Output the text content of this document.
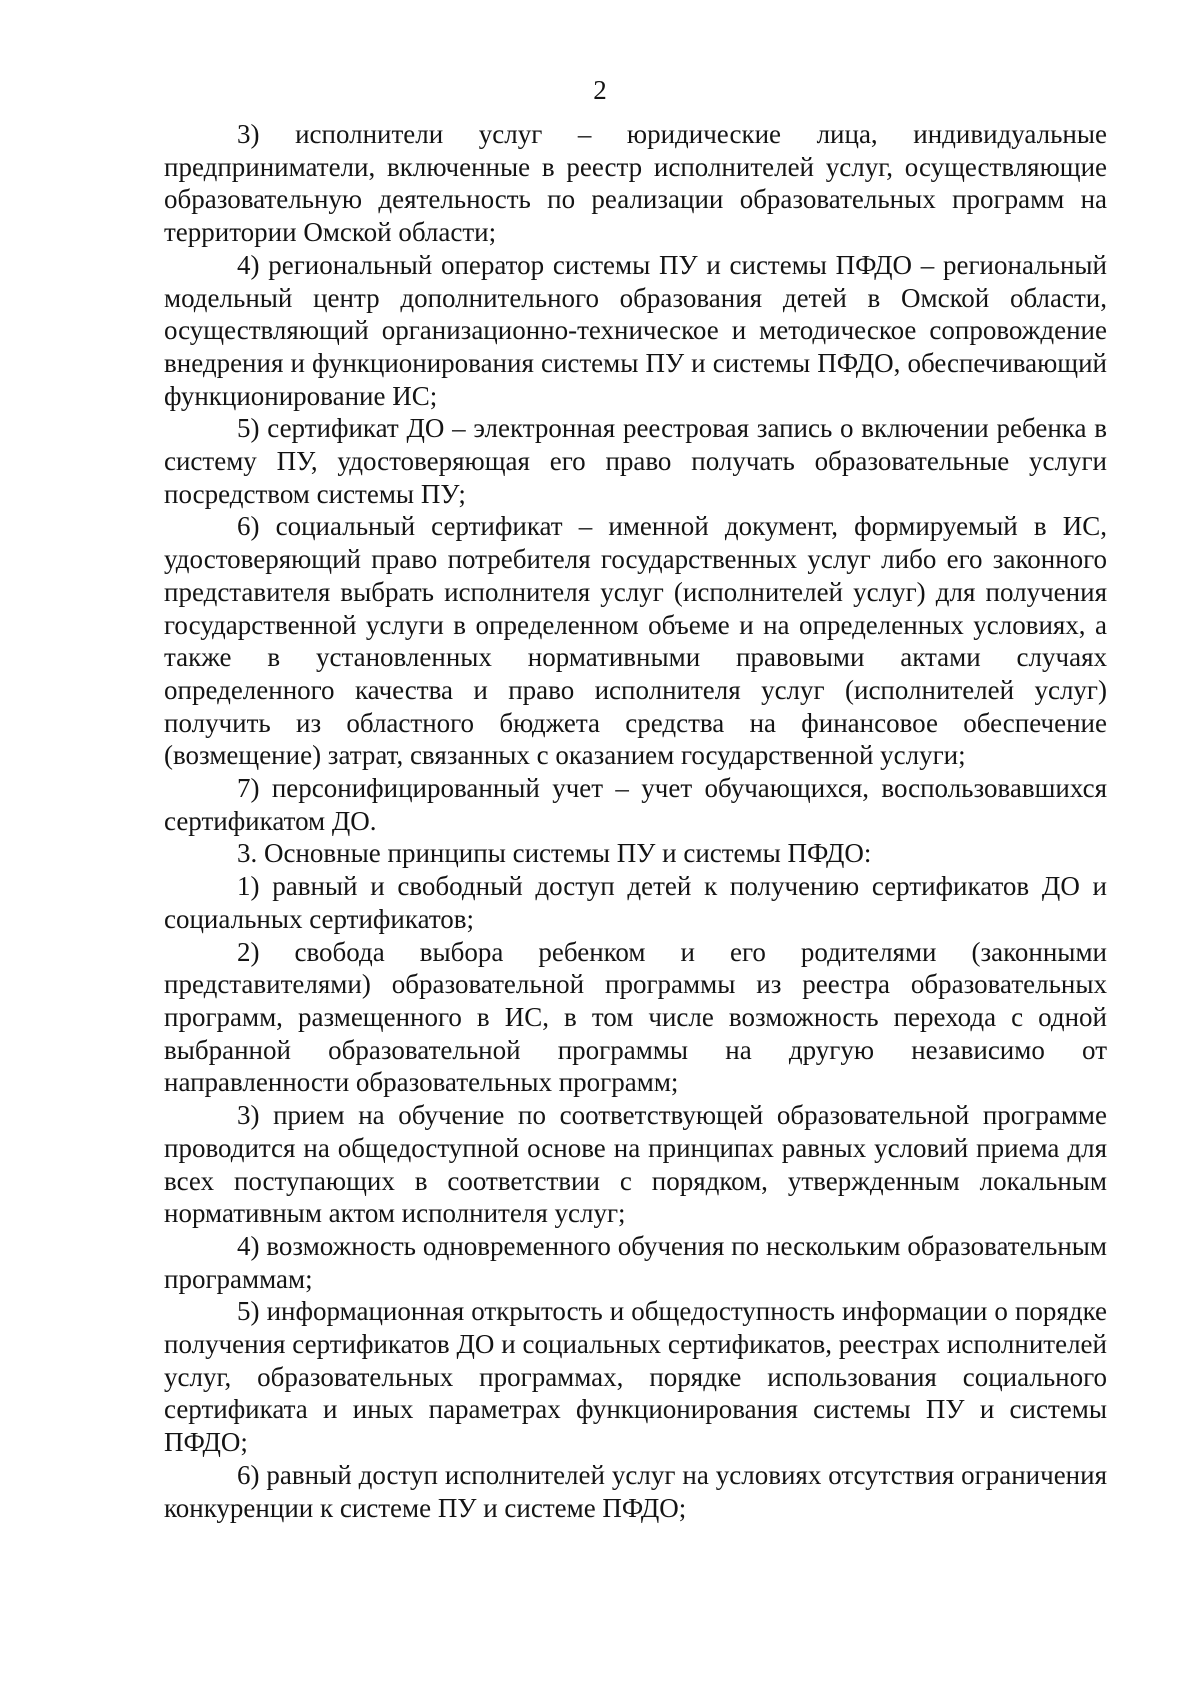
2

3) исполнители услуг – юридические лица, индивидуальные предприниматели, включенные в реестр исполнителей услуг, осуществляющие образовательную деятельность по реализации образовательных программ на территории Омской области;

4) региональный оператор системы ПУ и системы ПФДО – региональный модельный центр дополнительного образования детей в Омской области, осуществляющий организационно-техническое и методическое сопровождение внедрения и функционирования системы ПУ и системы ПФДО, обеспечивающий функционирование ИС;

5) сертификат ДО – электронная реестровая запись о включении ребенка в систему ПУ, удостоверяющая его право получать образовательные услуги посредством системы ПУ;

6) социальный сертификат – именной документ, формируемый в ИС, удостоверяющий право потребителя государственных услуг либо его законного представителя выбрать исполнителя услуг (исполнителей услуг) для получения государственной услуги в определенном объеме и на определенных условиях, а также в установленных нормативными правовыми актами случаях определенного качества и право исполнителя услуг (исполнителей услуг) получить из областного бюджета средства на финансовое обеспечение (возмещение) затрат, связанных с оказанием государственной услуги;

7) персонифицированный учет – учет обучающихся, воспользовавшихся сертификатом ДО.

3. Основные принципы системы ПУ и системы ПФДО:

1) равный и свободный доступ детей к получению сертификатов ДО и социальных сертификатов;

2) свобода выбора ребенком и его родителями (законными представителями) образовательной программы из реестра образовательных программ, размещенного в ИС, в том числе возможность перехода с одной выбранной образовательной программы на другую независимо от направленности образовательных программ;

3) прием на обучение по соответствующей образовательной программе проводится на общедоступной основе на принципах равных условий приема для всех поступающих в соответствии с порядком, утвержденным локальным нормативным актом исполнителя услуг;

4) возможность одновременного обучения по нескольким образовательным программам;

5) информационная открытость и общедоступность информации о порядке получения сертификатов ДО и социальных сертификатов, реестрах исполнителей услуг, образовательных программах, порядке использования социального сертификата и иных параметрах функционирования системы ПУ и системы ПФДО;

6) равный доступ исполнителей услуг на условиях отсутствия ограничения конкуренции к системе ПУ и системе ПФДО;
